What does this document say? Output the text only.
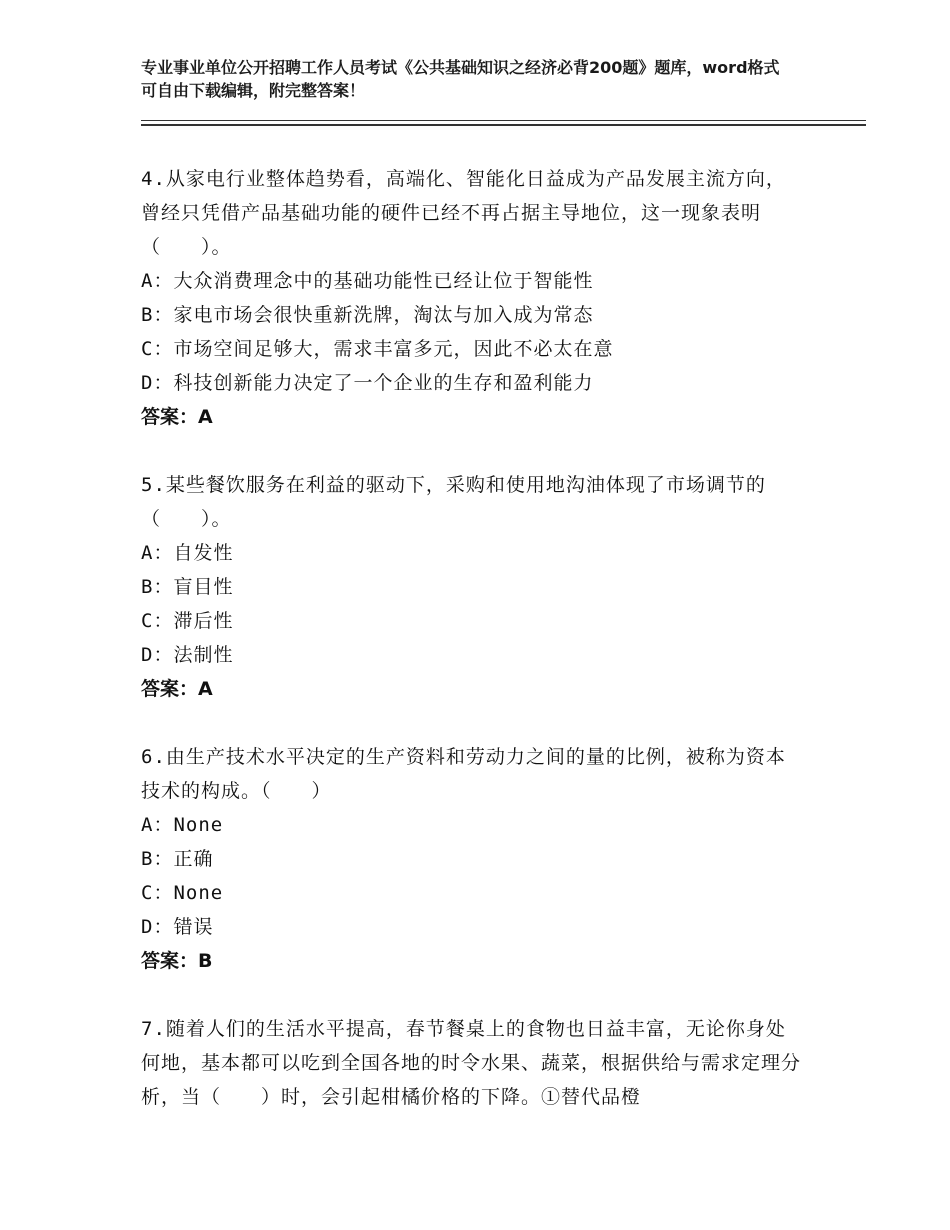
专业事业单位公开招聘工作人员考试《公共基础知识之经济必背200题》题库，word格式可自由下载编辑，附完整答案！

4.从家电行业整体趋势看，高端化、智能化日益成为产品发展主流方向，曾经只凭借产品基础功能的硬件已经不再占据主导地位，这一现象表明（　　）。

A：大众消费理念中的基础功能性已经让位于智能性

B：家电市场会很快重新洗牌，淘汰与加入成为常态

C：市场空间足够大，需求丰富多元，因此不必太在意

D：科技创新能力决定了一个企业的生存和盈利能力

答案：A

5.某些餐饮服务在利益的驱动下，采购和使用地沟油体现了市场调节的（　　）。

A：自发性

B：盲目性

C：滞后性

D：法制性

答案：A

6.由生产技术水平决定的生产资料和劳动力之间的量的比例，被称为资本技术的构成。（　　）

A：None

B：正确

C：None

D：错误

答案：B

7.随着人们的生活水平提高，春节餐桌上的食物也日益丰富，无论你身处何地，基本都可以吃到全国各地的时令水果、蔬菜，根据供给与需求定理分析，当（　　）时，会引起柑橘价格的下降。①替代品橙
